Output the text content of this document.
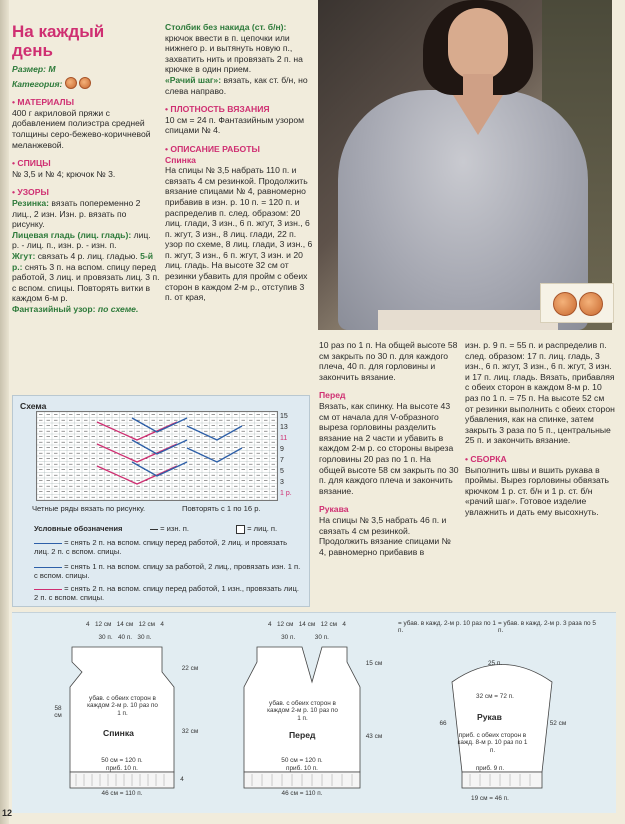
На каждый
день

Размер: М

Категория:

• МАТЕРИАЛЫ

400 г акриловой пряжи с добавлением полиэстра средней толщины серо-бежево-коричневой меланжевой.

• СПИЦЫ

№ 3,5 и № 4; крючок № 3.

• УЗОРЫ

Резинка: вязать попеременно 2 лиц., 2 изн. Изн. р. вязать по рисунку.

Лицевая гладь (лиц. гладь): лиц. р. - лиц. п., изн. р. - изн. п.

Жгут: связать 4 р. лиц. гладью. 5-й р.: снять 3 п. на вспом. спицу перед работой, 3 лиц. и провязать лиц. 3 п. с вспом. спицы. Повторять витки в каждом 6-м р.

Фантазийный узор: по схеме.

Столбик без накида (ст. б/н):

крючок ввести в п. цепочки или нижнего р. и вытянуть новую п., захватить нить и провязать 2 п. на крючке в один прием.

«Рачий шаг»: вязать, как ст. б/н, но слева направо.

• ПЛОТНОСТЬ ВЯЗАНИЯ

10 см = 24 п. Фантазийным узором спицами № 4.

• ОПИСАНИЕ РАБОТЫ

Спинка

На спицы № 3,5 набрать 110 п. и связать 4 см резинкой. Продолжить вязание спицами № 4, равномерно прибавив в изн. р. 10 п. = 120 п. и распределив п. след. образом: 20 лиц. глади, 3 изн., 6 п. жгут, 3 изн., 6 п. жгут, 3 изн., 8 лиц. глади, 22 п. узор по схеме, 8 лиц. глади, 3 изн., 6 п. жгут, 3 изн., 6 п. жгут, 3 изн. и 20 лиц. гладь. На высоте 32 см от резинки убавить для пройм с обеих сторон в каждом 2-м р., отступив 3 п. от края,

10 раз по 1 п. На общей высоте 58 см закрыть по 30 п. для каждого плеча, 40 п. для горловины и закончить вязание.

Перед

Вязать, как спинку. На высоте 43 см от начала для V-образного выреза горловины разделить вязание на 2 части и убавить в каждом 2-м р. со стороны выреза горловины 20 раз по 1 п. На общей высоте 58 см закрыть по 30 п. для каждого плеча и закончить вязание.

Рукава

На спицы № 3,5 набрать 46 п. и связать 4 см резинкой. Продолжить вязание спицами № 4, равномерно прибавив в

изн. р. 9 п. = 55 п. и распределив п. след. образом: 17 п. лиц. гладь, 3 изн., 6 п. жгут, 3 изн., 6 п. жгут, 3 изн. и 17 п. лиц. гладь. Вязать, прибавляя с обеих сторон в каждом 8-м р. 10 раз по 1 п. = 75 п. На высоте 52 см от резинки выполнить с обеих сторон убавления, как на спинке, затем закрыть 3 раза по 5 п., центральные 25 п. и закончить вязание.

• СБОРКА

Выполнить швы и вшить рукава в проймы. Вырез горловины обвязать крючком 1 р. ст. б/н и 1 р. ст. б/н «рачий шаг». Готовое изделие увлажнить и дать ему высохнуть.

Схема
15
13
11
9
7
5
3
1 р.
Четные ряды вязать по рисунку.	Повторять с 1 по 16 р.
Условные обозначения	= изн. п.	= лиц. п.
= снять 2 п. на вспом. спицу перед работой, 2 лиц. и провязать лиц. 2 п. с вспом. спицы.
= снять 1 п. на вспом. спицу за работой, 2 лиц., провязать изн. 1 п. с вспом. спицы.
= снять 2 п. на вспом. спицу перед работой, 1 изн., провязать лиц. 2 п. с вспом. спицы.
4 12 см 14 см 12 см 4
30 п. 40 п. 30 п.
убав. с обеих сторон в каждом 2-м р. 10 раз по 1 п.
Спинка
58 см
22 см
32 см
50 см = 120 п.
приб. 10 п.
46 см = 110 п.
4
4 12 см 14 см 12 см 4
30 п.	30 п.
убав. с обеих сторон в каждом 2-м р. 10 раз по 1 п.
Перед
15 см
43 см
50 см = 120 п.
приб. 10 п.
46 см = 110 п.
= убав. в кажд. 2-м р. 10 раз по 1 п.
= убав. в кажд. 2-м р. 3 раза по 5 п.
25 п.
32 см = 72 п.
Рукав
приб. с обеих сторон в кажд. 8-м р. 10 раз по 1 п.
66	52 см
приб. 9 п.
19 см = 46 п.
12
